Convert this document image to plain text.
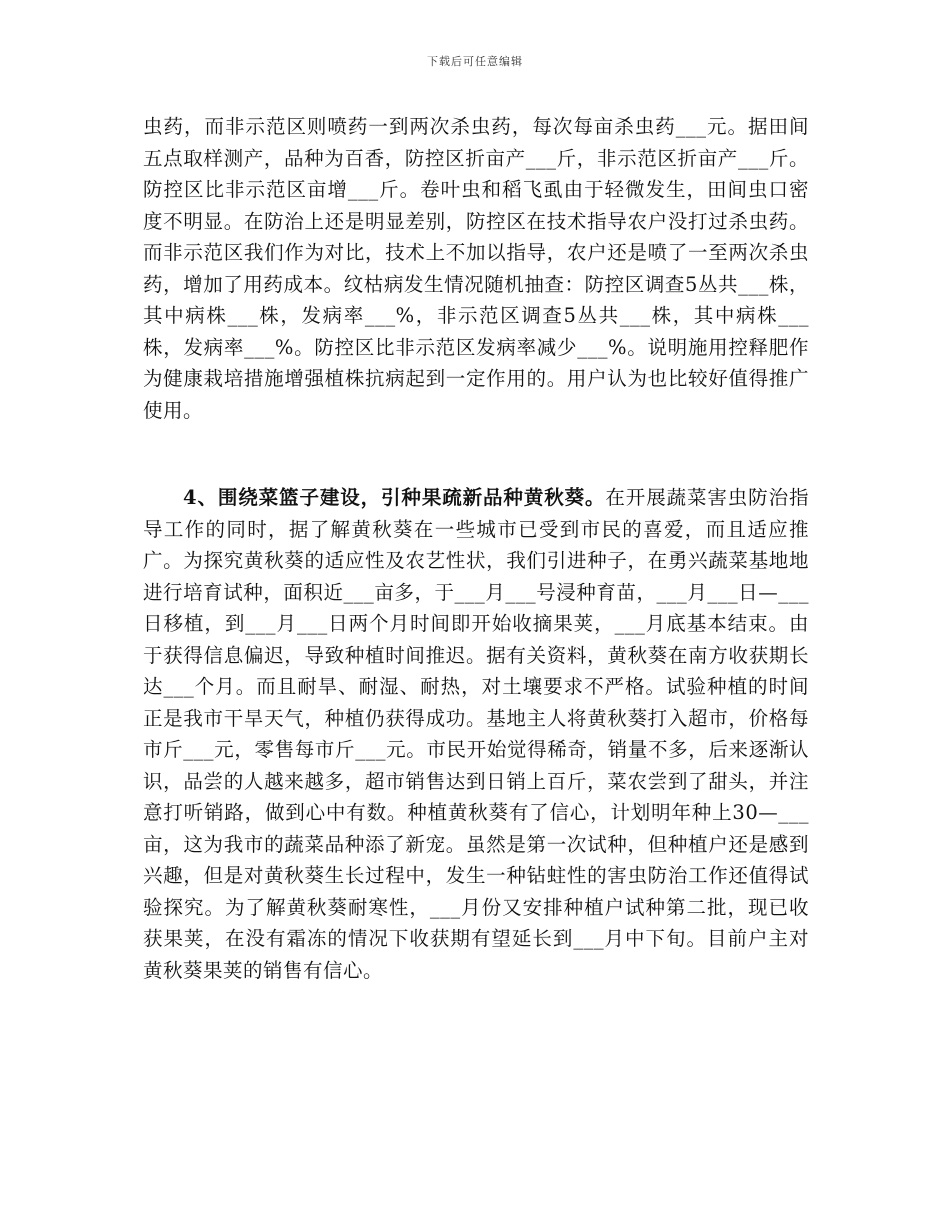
下载后可任意编辑

虫药，而非示范区则喷药一到两次杀虫药，每次每亩杀虫药___元。据田间五点取样测产，品种为百香，防控区折亩产___斤，非示范区折亩产___斤。防控区比非示范区亩增___斤。卷叶虫和稻飞虱由于轻微发生，田间虫口密度不明显。在防治上还是明显差别，防控区在技术指导农户没打过杀虫药。而非示范区我们作为对比，技术上不加以指导，农户还是喷了一至两次杀虫药，增加了用药成本。纹枯病发生情况随机抽查：防控区调查5丛共___株，其中病株___株，发病率___%，非示范区调查5丛共___株，其中病株___株，发病率___%。防控区比非示范区发病率减少___%。说明施用控释肥作为健康栽培措施增强植株抗病起到一定作用的。用户认为也比较好值得推广使用。

4、围绕菜篮子建设，引种果疏新品种黄秋葵。在开展蔬菜害虫防治指导工作的同时，据了解黄秋葵在一些城市已受到市民的喜爱，而且适应推广。为探究黄秋葵的适应性及农艺性状，我们引进种子，在勇兴蔬菜基地地进行培育试种，面积近___亩多，于___月___号浸种育苗，___月___日—___日移植，到___月___日两个月时间即开始收摘果荚，___月底基本结束。由于获得信息偏迟，导致种植时间推迟。据有关资料，黄秋葵在南方收获期长达___个月。而且耐旱、耐湿、耐热，对土壤要求不严格。试验种植的时间正是我市干旱天气，种植仍获得成功。基地主人将黄秋葵打入超市，价格每市斤___元，零售每市斤___元。市民开始觉得稀奇，销量不多，后来逐渐认识，品尝的人越来越多，超市销售达到日销上百斤，菜农尝到了甜头，并注意打听销路，做到心中有数。种植黄秋葵有了信心，计划明年种上30—___亩，这为我市的蔬菜品种添了新宠。虽然是第一次试种，但种植户还是感到兴趣，但是对黄秋葵生长过程中，发生一种钻蛀性的害虫防治工作还值得试验探究。为了解黄秋葵耐寒性，___月份又安排种植户试种第二批，现已收获果荚，在没有霜冻的情况下收获期有望延长到___月中下旬。目前户主对黄秋葵果荚的销售有信心。
